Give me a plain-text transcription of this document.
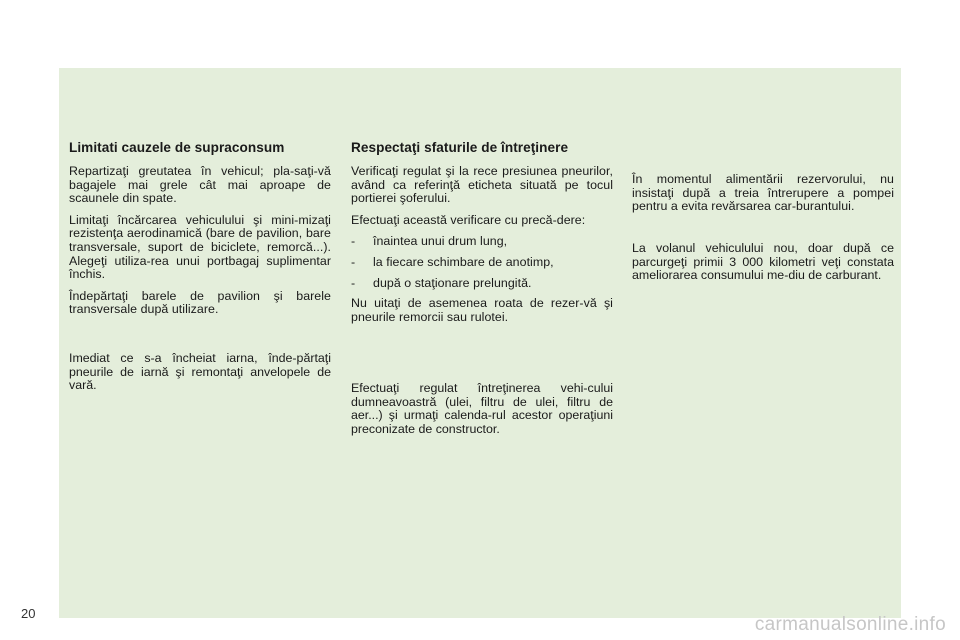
Limitati cauzele de supraconsum

Repartizaţi greutatea în vehicul; pla-saţi-vă bagajele mai grele cât mai aproape de scaunele din spate.

Limitaţi încărcarea vehiculului şi mini-mizaţi rezistenţa aerodinamică (bare de pavilion, bare transversale, suport de biciclete, remorcă...). Alegeţi utiliza-rea unui portbagaj suplimentar închis.

Îndepărtaţi barele de pavilion şi barele transversale după utilizare.

Imediat ce s-a încheiat iarna, înde-părtaţi pneurile de iarnă şi remontaţi anvelopele de vară.

Respectaţi sfaturile de întreţinere

Verificaţi regulat şi la rece presiunea pneurilor, având ca referinţă eticheta situată pe tocul portierei şoferului.

Efectuaţi această verificare cu precă-dere:

-	înaintea unui drum lung,
-	la fiecare schimbare de anotimp,
-	după o staţionare prelungită.

Nu uitaţi de asemenea roata de rezer-vă şi pneurile remorcii sau rulotei.

Efectuaţi regulat întreţinerea vehi-cului dumneavoastră (ulei, filtru de ulei, filtru de aer...) şi urmaţi calenda-rul acestor operaţiuni preconizate de constructor.

În momentul alimentării rezervorului, nu insistaţi după a treia întrerupere a pompei pentru a evita revărsarea car-burantului.

La volanul vehiculului nou, doar după ce parcurgeţi primii 3 000 kilometri veţi constata ameliorarea consumului me-diu de carburant.

20
carmanualsonline.info
